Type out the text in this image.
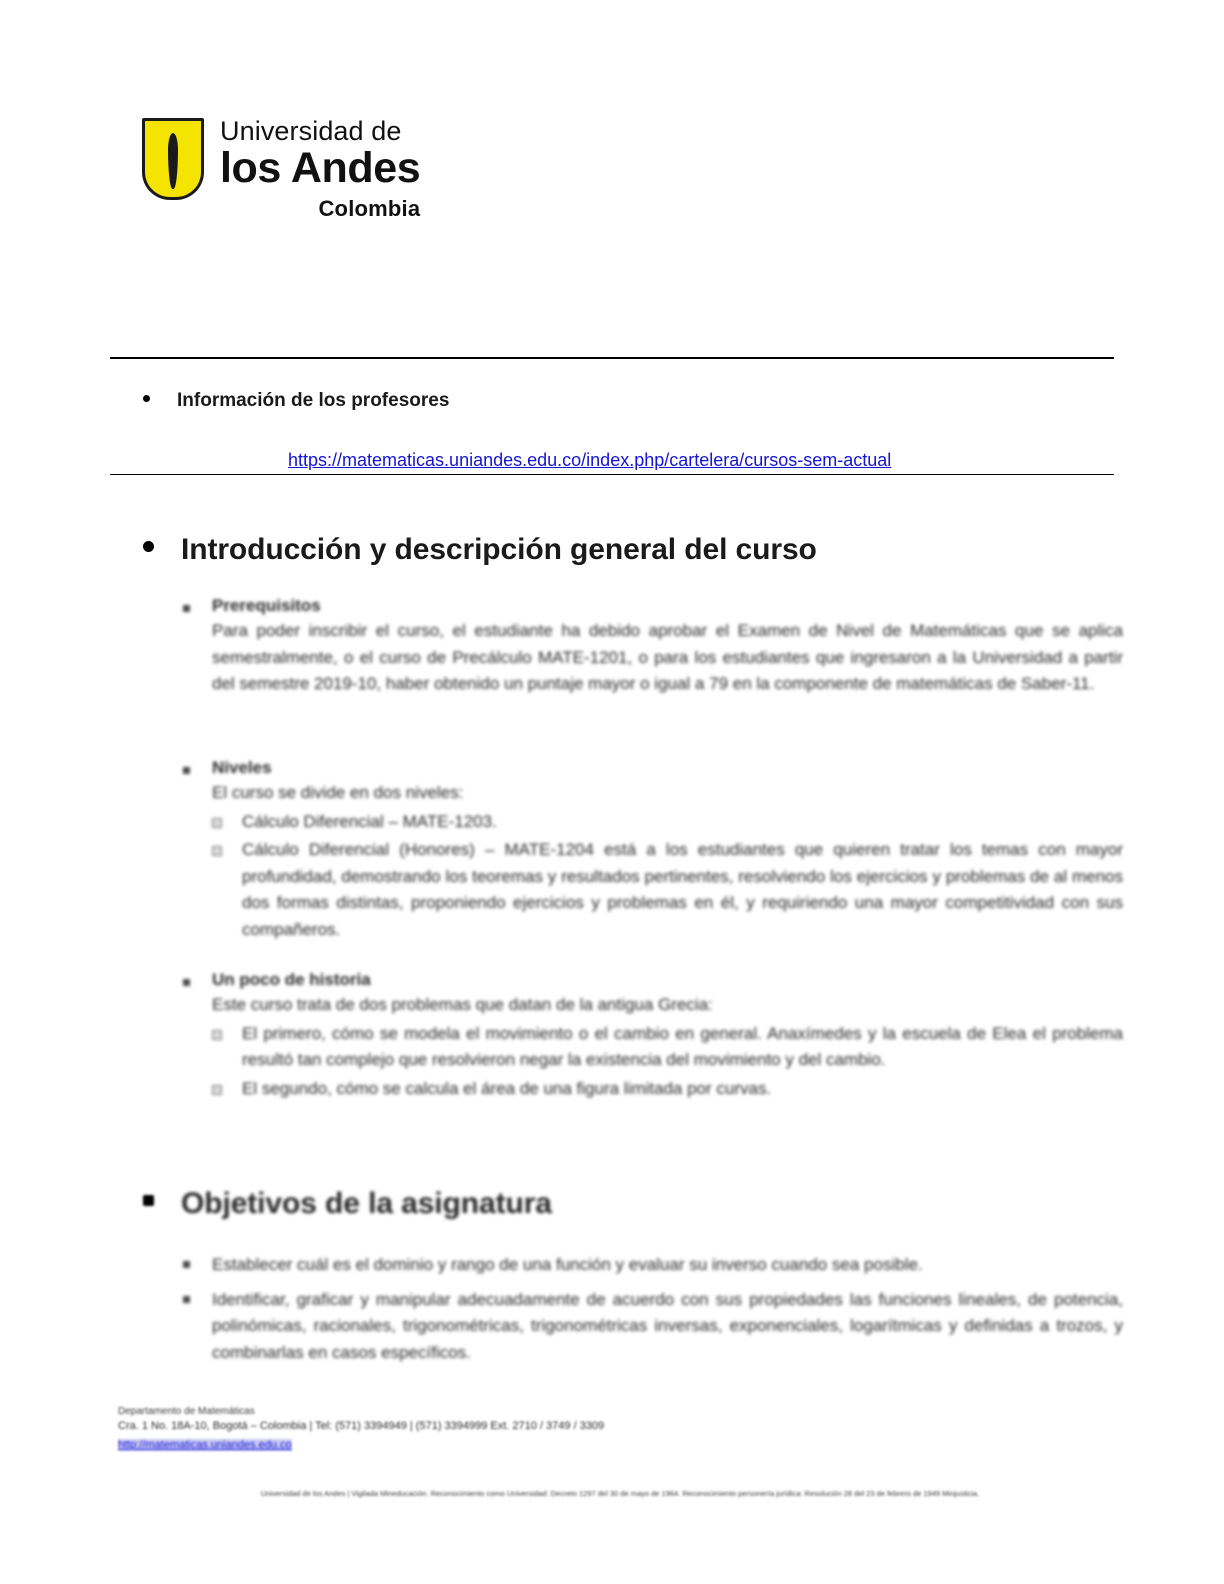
Universidad de
los Andes
Colombia
Información de los profesores
https://matematicas.uniandes.edu.co/index.php/cartelera/cursos-sem-actual
Introducción y descripción general del curso
Prerequisitos
Para poder inscribir el curso, el estudiante ha debido aprobar el Examen de Nivel de Matemáticas que se aplica semestralmente, o el curso de Precálculo MATE-1201, o para los estudiantes que ingresaron a la Universidad a partir del semestre 2019-10, haber obtenido un puntaje mayor o igual a 79 en la componente de matemáticas de Saber-11.
Niveles
El curso se divide en dos niveles:
Cálculo Diferencial – MATE-1203.
Cálculo Diferencial (Honores) – MATE-1204 está a los estudiantes que quieren tratar los temas con mayor profundidad, demostrando los teoremas y resultados pertinentes, resolviendo los ejercicios y problemas de al menos dos formas distintas, proponiendo ejercicios y problemas en él, y requiriendo una mayor competitividad con sus compañeros.
Un poco de historia
Este curso trata de dos problemas que datan de la antigua Grecia:
El primero, cómo se modela el movimiento o el cambio en general. Anaxímedes y la escuela de Elea el problema resultó tan complejo que resolvieron negar la existencia del movimiento y del cambio.
El segundo, cómo se calcula el área de una figura limitada por curvas.
Objetivos de la asignatura
Establecer cuál es el dominio y rango de una función y evaluar su inverso cuando sea posible.
Identificar, graficar y manipular adecuadamente de acuerdo con sus propiedades las funciones lineales, de potencia, polinómicas, racionales, trigonométricas, trigonométricas inversas, exponenciales, logarítmicas y definidas a trozos, y combinarlas en casos específicos.
Departamento de Matemáticas
Cra. 1 No. 18A-10, Bogotá – Colombia | Tel: (571) 3394949 | (571) 3394999 Ext. 2710 / 3749 / 3309
http://matematicas.uniandes.edu.co
Universidad de los Andes | Vigilada Mineducación. Reconocimiento como Universidad: Decreto 1297 del 30 de mayo de 1964. Reconocimiento personería jurídica: Resolución 28 del 23 de febrero de 1949 Minjusticia.
